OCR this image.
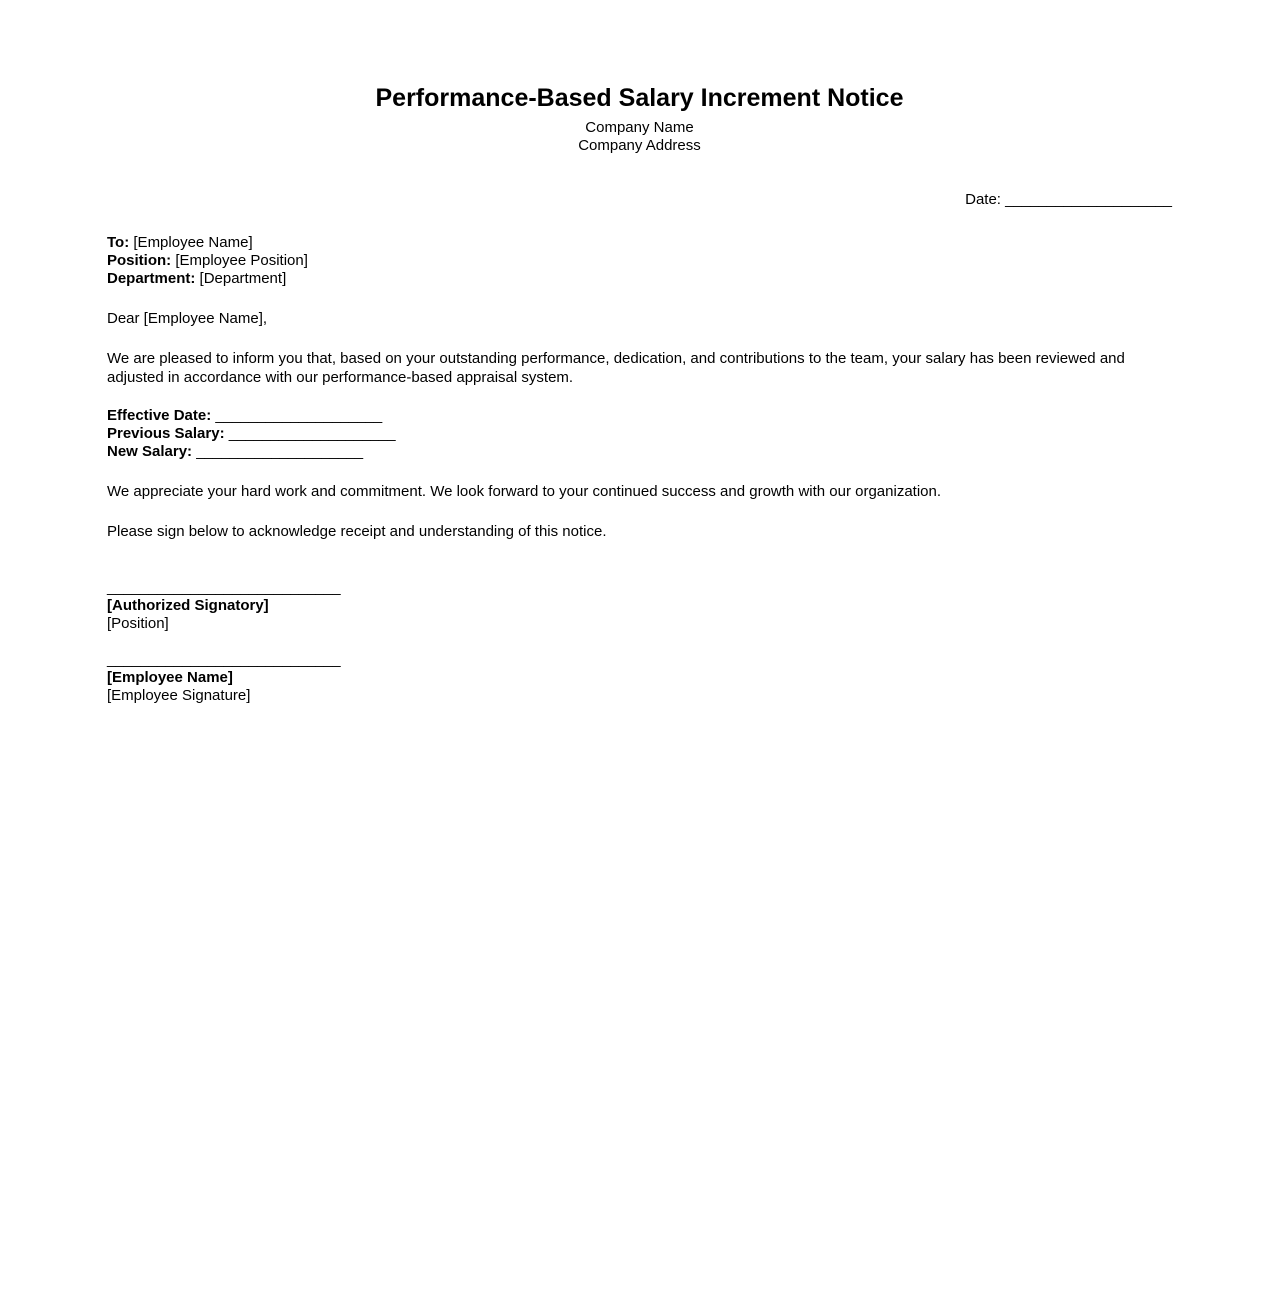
Performance-Based Salary Increment Notice
Company Name
Company Address
Date: ____________________
To: [Employee Name]
Position: [Employee Position]
Department: [Department]

Dear [Employee Name],

We are pleased to inform you that, based on your outstanding performance, dedication, and contributions to the team, your salary has been reviewed and adjusted in accordance with our performance-based appraisal system.

Effective Date: ____________________
Previous Salary: ____________________
New Salary: ____________________

We appreciate your hard work and commitment. We look forward to your continued success and growth with our organization.

Please sign below to acknowledge receipt and understanding of this notice.

____________________________
[Authorized Signatory]
[Position]
____________________________
[Employee Name]
[Employee Signature]
